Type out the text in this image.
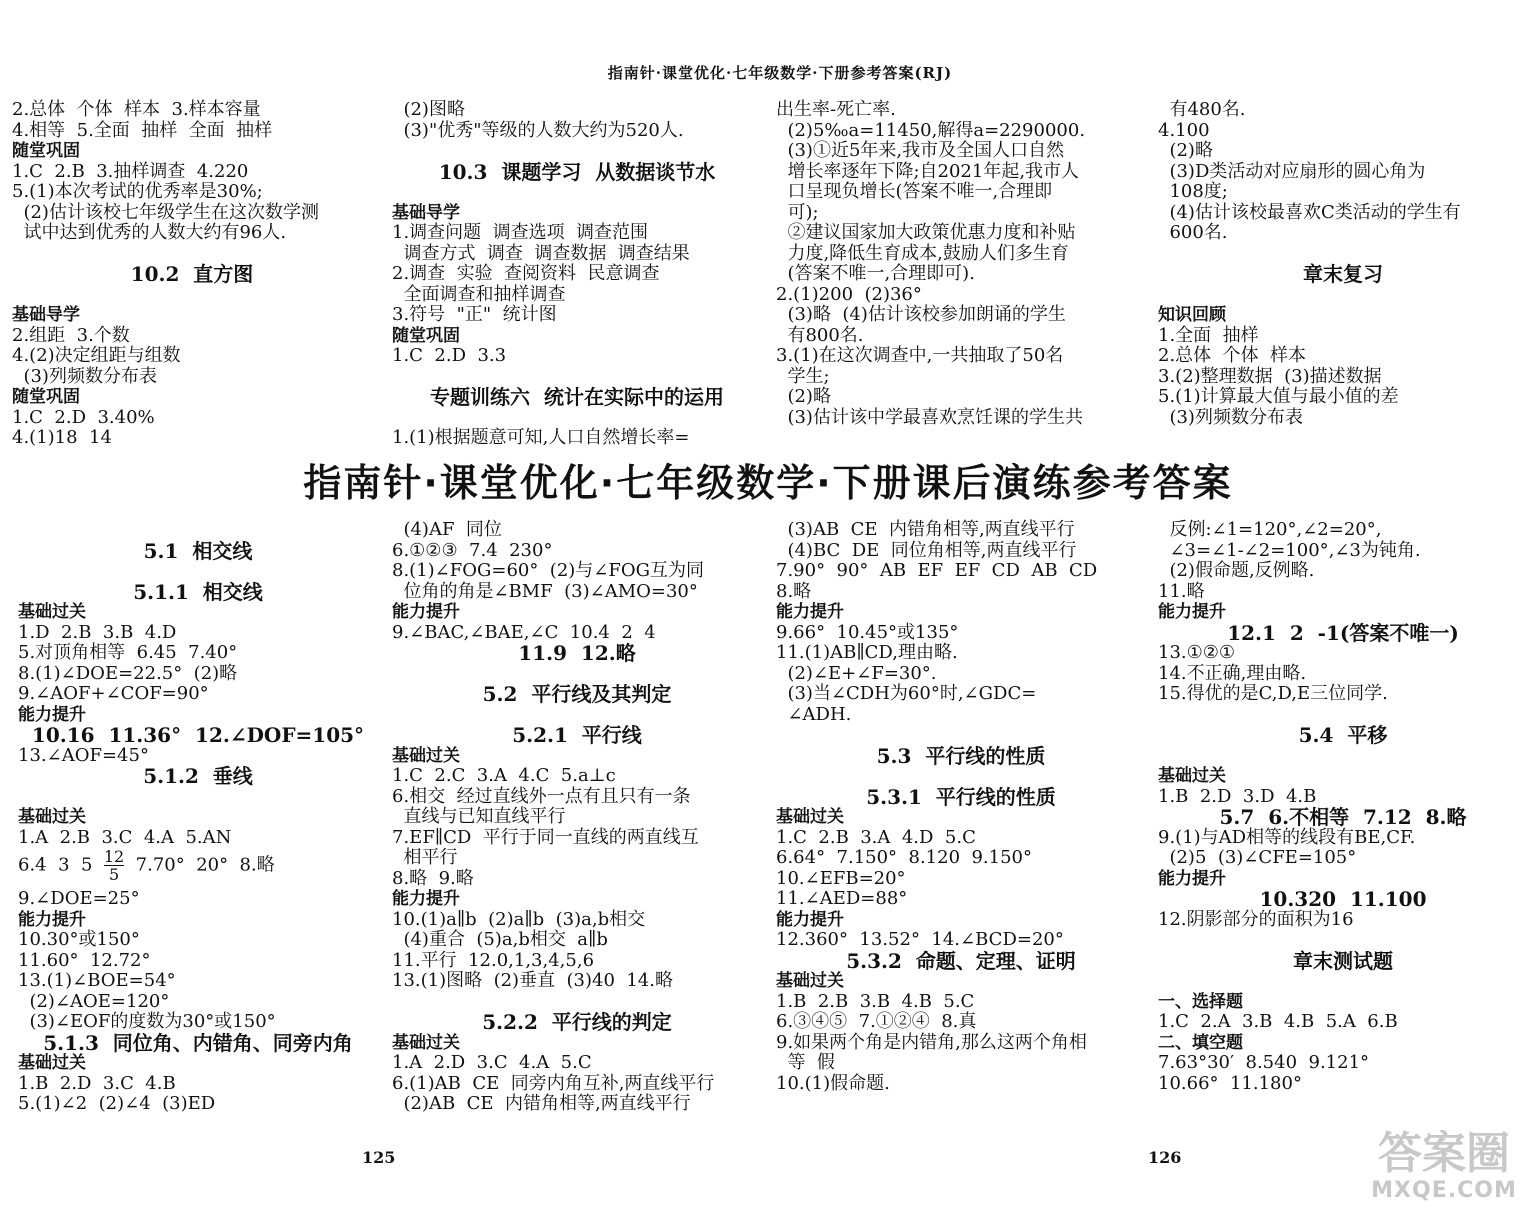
指南针·课堂优化·七年级数学·下册参考答案(RJ)
2.总体  个体  样本  3.样本容量
4.相等  5.全面  抽样  全面  抽样
随堂巩固
1.C  2.B  3.抽样调查  4.220
5.(1)本次考试的优秀率是30%;
(2)估计该校七年级学生在这次数学测
试中达到优秀的人数大约有96人.
10.2  直方图
基础导学
2.组距  3.个数
4.(2)决定组距与组数
(3)列频数分布表
随堂巩固
1.C  2.D  3.40%
4.(1)18  14
(2)图略
(3)"优秀"等级的人数大约为520人.
10.3  课题学习  从数据谈节水
基础导学
1.调查问题  调查选项  调查范围
调查方式  调查  调查数据  调查结果
2.调查  实验  查阅资料  民意调查
全面调查和抽样调查
3.符号  "正"  统计图
随堂巩固
1.C  2.D  3.3
专题训练六  统计在实际中的运用
1.(1)根据题意可知,人口自然增长率=
出生率-死亡率.
(2)5‰a=11450,解得a=2290000.
(3)①近5年来,我市及全国人口自然
增长率逐年下降;自2021年起,我市人
口呈现负增长(答案不唯一,合理即
可);
②建议国家加大政策优惠力度和补贴
力度,降低生育成本,鼓励人们多生育
(答案不唯一,合理即可).
2.(1)200  (2)36°
(3)略  (4)估计该校参加朗诵的学生
有800名.
3.(1)在这次调查中,一共抽取了50名
学生;
(2)略
(3)估计该中学最喜欢烹饪课的学生共
有480名.
4.100
(2)略
(3)D类活动对应扇形的圆心角为
108度;
(4)估计该校最喜欢C类活动的学生有
600名.
章末复习
知识回顾
1.全面  抽样
2.总体  个体  样本
3.(2)整理数据  (3)描述数据
5.(1)计算最大值与最小值的差
(3)列频数分布表
指南针·课堂优化·七年级数学·下册课后演练参考答案
5.1  相交线
5.1.1  相交线
基础过关
1.D  2.B  3.B  4.D
5.对顶角相等  6.45  7.40°
8.(1)∠DOE=22.5°  (2)略
9.∠AOF+∠COF=90°
能力提升
10.16  11.36°  12.∠DOF=105°
13.∠AOF=45°
5.1.2  垂线
基础过关
1.A  2.B  3.C  4.A  5.AN
6.4  3  $5 \frac{12}{5} 7.70^\circ$  20°  8.略
9.∠DOE=25°
能力提升
10.30°或150°
11.60°  12.72°
13.(1)∠BOE=54°
(2)∠AOE=120°
(3)∠EOF的度数为30°或150°
5.1.3  同位角、内错角、同旁内角
基础过关
1.B  2.D  3.C  4.B
5.(1)∠2  (2)∠4  (3)ED
(4)AF  同位
6.①②③  7.4  230°
8.(1)∠FOG=60°  (2)与∠FOG互为同
位角的角是∠BMF  (3)∠AMO=30°
能力提升
9.∠BAC,∠BAE,∠C  10.4  2  4
11.9  12.略
5.2  平行线及其判定
5.2.1  平行线
基础过关
1.C  2.C  3.A  4.C  5.a⊥c
6.相交  经过直线外一点有且只有一条
直线与已知直线平行
7.EF∥CD  平行于同一直线的两直线互
相平行
8.略  9.略
能力提升
10.(1)a∥b  (2)a∥b  (3)a,b相交
(4)重合  (5)a,b相交  a∥b
11.平行  12.0,1,3,4,5,6
13.(1)图略  (2)垂直  (3)40  14.略
5.2.2  平行线的判定
基础过关
1.A  2.D  3.C  4.A  5.C
6.(1)AB  CE  同旁内角互补,两直线平行
(2)AB  CE  内错角相等,两直线平行
(3)AB  CE  内错角相等,两直线平行
(4)BC  DE  同位角相等,两直线平行
7.90°  90°  AB  EF  EF  CD  AB  CD
8.略
能力提升
9.66°  10.45°或135°
11.(1)AB∥CD,理由略.
(2)∠E+∠F=30°.
(3)当∠CDH为60°时,∠GDC=
∠ADH.
5.3  平行线的性质
5.3.1  平行线的性质
基础过关
1.C  2.B  3.A  4.D  5.C
6.64°  7.150°  8.120  9.150°
10.∠EFB=20°
11.∠AED=88°
能力提升
12.360°  13.52°  14.∠BCD=20°
5.3.2  命题、定理、证明
基础过关
1.B  2.B  3.B  4.B  5.C
6.③④⑤  7.①②④  8.真
9.如果两个角是内错角,那么这两个角相
等  假
10.(1)假命题.
反例:∠1=120°,∠2=20°,
∠3=∠1-∠2=100°,∠3为钝角.
(2)假命题,反例略.
11.略
能力提升
12.1  2  -1(答案不唯一)
13.①②①
14.不正确,理由略.
15.得优的是C,D,E三位同学.
5.4  平移
基础过关
1.B  2.D  3.D  4.B
5.7  6.不相等  7.12  8.略
9.(1)与AD相等的线段有BE,CF.
(2)5  (3)∠CFE=105°
能力提升
10.320  11.100
12.阴影部分的面积为16
章末测试题
一、选择题
1.C  2.A  3.B  4.B  5.A  6.B
二、填空题
7.63°30′  8.540  9.121°
10.66°  11.180°
125	126	答案圈
MXQE.COM
